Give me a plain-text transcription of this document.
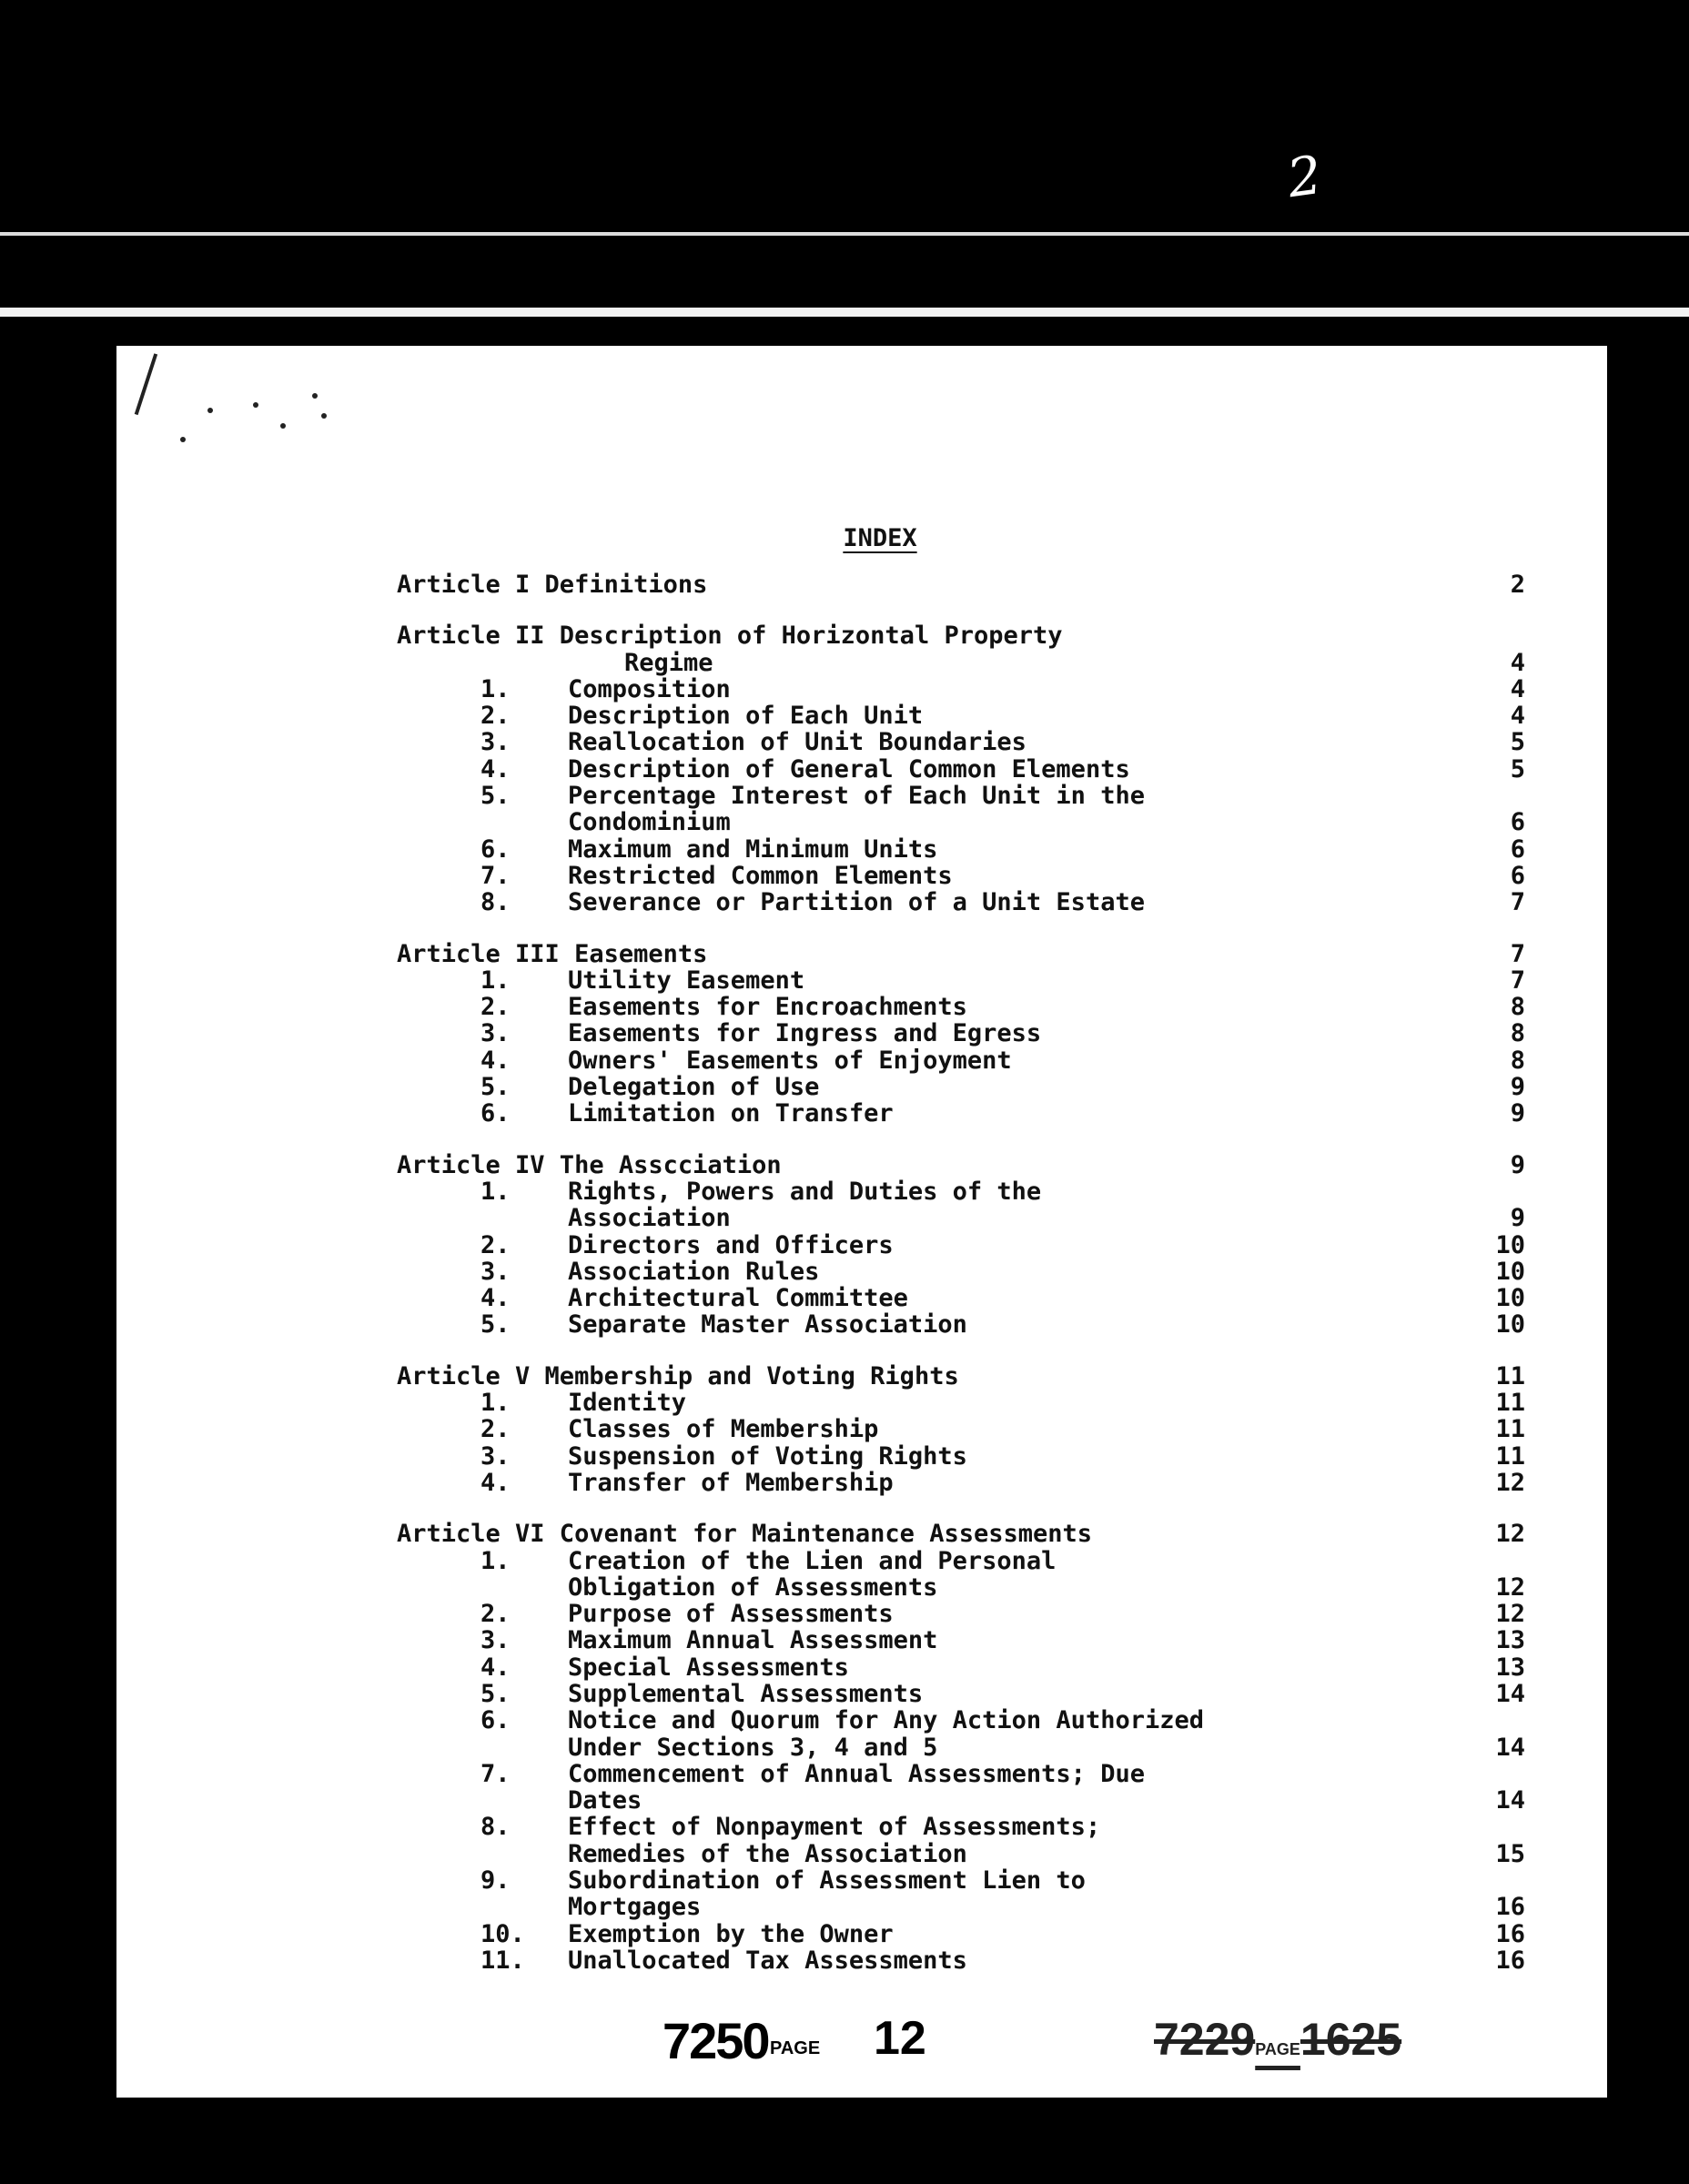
2
INDEX
Article I Definitions	2
Article II Description of Horizontal Property
Regime	4
1.	Composition	4
2.	Description of Each Unit	4
3.	Reallocation of Unit Boundaries	5
4.	Description of General Common Elements	5
5.	Percentage Interest of Each Unit in the
Condominium	6
6.	Maximum and Minimum Units	6
7.	Restricted Common Elements	6
8.	Severance or Partition of a Unit Estate	7
Article III Easements	7
1.	Utility Easement	7
2.	Easements for Encroachments	8
3.	Easements for Ingress and Egress	8
4.	Owners' Easements of Enjoyment	8
5.	Delegation of Use	9
6.	Limitation on Transfer	9
Article IV The Asscciation	9
1.	Rights, Powers and Duties of the
Association	9
2.	Directors and Officers	10
3.	Association Rules	10
4.	Architectural Committee	10
5.	Separate Master Association	10
Article V Membership and Voting Rights	11
1.	Identity	11
2.	Classes of Membership	11
3.	Suspension of Voting Rights	11
4.	Transfer of Membership	12
Article VI Covenant for Maintenance Assessments	12
1.	Creation of the Lien and Personal
Obligation of Assessments	12
2.	Purpose of Assessments	12
3.	Maximum Annual Assessment	13
4.	Special Assessments	13
5.	Supplemental Assessments	14
6.	Notice and Quorum for Any Action Authorized
Under Sections 3, 4 and 5	14
7.	Commencement of Annual Assessments; Due
Dates	14
8.	Effect of Nonpayment of Assessments;
Remedies of the Association	15
9.	Subordination of Assessment Lien to
Mortgages	16
10. Exemption by the Owner	16
11. Unallocated Tax Assessments	16
7250 PAGE 12	7229PAGE1625
